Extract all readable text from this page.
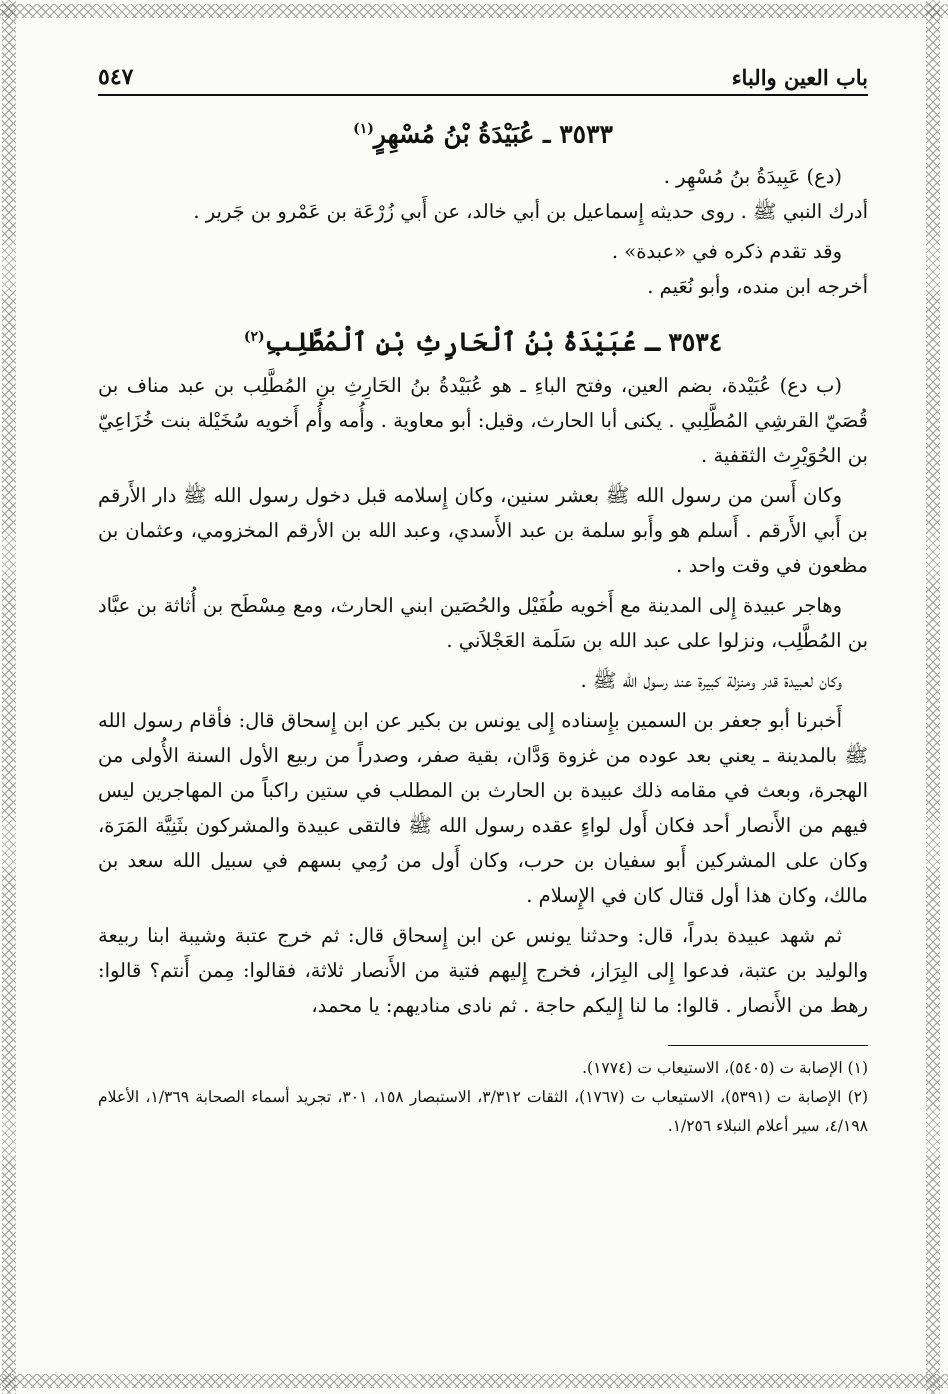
باب العين والباء
٥٤٧
٣٥٣٣ ـ عُبَيْدَةُ بْنُ مُسْهِرٍ$^{(١)}$

(دع) عَبِيدَةُ بنُ مُسْهِر .

أدرك النبي ﷺ . روى حديثه إِسماعيل بن أبي خالد، عن أَبي زُرْعَة بن عَمْرو بن جَرير .

وقد تقدم ذكره في «عبدة» .

أخرجه ابن منده، وأبو نُعَيم .

٣٥٣٤ ـ عُبَيْدَةُ بْنُ ٱلْحَارِثِ بْنِ ٱلْمُطَّلِبِ$^{(٢)}$

(ب دع) عُبَيْدة، بضم العين، وفتح الباءِ ـ هو عُبَيْدةُ بنُ الحَارِثِ بنِ المُطَّلِب بن عبد مناف بن قُصَيّ القرشِي المُطَّلِبي . يكنى أبا الحارث، وقيل: أبو معاوية . وأُمه وأُم أَخويه سُخَيْلة بنت خُزَاعِيّ بن الحُوَيْرِث الثقفية .

وكان أَسن من رسول الله ﷺ بعشر سنين، وكان إِسلامه قبل دخول رسول الله ﷺ دار الأَرقم بن أَبي الأَرقم . أَسلم هو وأَبو سلمة بن عبد الأَسدي، وعبد الله بن الأرقم المخزومي، وعثمان بن مظعون في وقت واحد .

وهاجر عبيدة إِلى المدينة مع أَخويه طُفَيْل والحُصَين ابني الحارث، ومع مِسْطَح بن أُثاثة بن عبَّاد بن المُطَّلِب، ونزلوا على عبد الله بن سَلَمة العَجْلاَني .

وكان لعبيدة قدر ومنزلة كبيرة عند رسول الله ﷺ .

أَخبرنا أبو جعفر بن السمين بإِسناده إِلى يونس بن بكير عن ابن إِسحاق قال: فأقام رسول الله ﷺ بالمدينة ـ يعني بعد عوده من غزوة وَدَّان، بقية صفر، وصدراً من ربيع الأول السنة الأُولى من الهجرة، وبعث في مقامه ذلك عبيدة بن الحارث بن المطلب في ستين راكباً من المهاجرين ليس فيهم من الأَنصار أحد فكان أَول لواءٍ عقده رسول الله ﷺ فالتقى عبيدة والمشركون بثَنِيَّة المَرَة، وكان على المشركين أَبو سفيان بن حرب، وكان أَول من رُمِي بسهم في سبيل الله سعد بن مالك، وكان هذا أول قتال كان في الإِسلام .

ثم شهد عبيدة بدراً، قال: وحدثنا يونس عن ابن إِسحاق قال: ثم خرج عتبة وشيبة ابنا ربيعة والوليد بن عتبة، فدعوا إِلى البِرَاز، فخرج إِليهم فتية من الأَنصار ثلاثة، فقالوا: مِمن أَنتم؟ قالوا: رهط من الأَنصار . قالوا: ما لنا إِليكم حاجة . ثم نادى مناديهم: يا محمد،

(١) الإصابة ت (٥٤٠٥)، الاستيعاب ت (١٧٧٤).

(٢) الإصابة ت (٥٣٩١)، الاستيعاب ت (١٧٦٧)، الثقات ٣/٣١٢، الاستبصار ١٥٨، ٣٠١، تجريد أسماء الصحابة ١/٣٦٩، الأعلام ٤/١٩٨، سير أعلام النبلاء ١/٢٥٦.
